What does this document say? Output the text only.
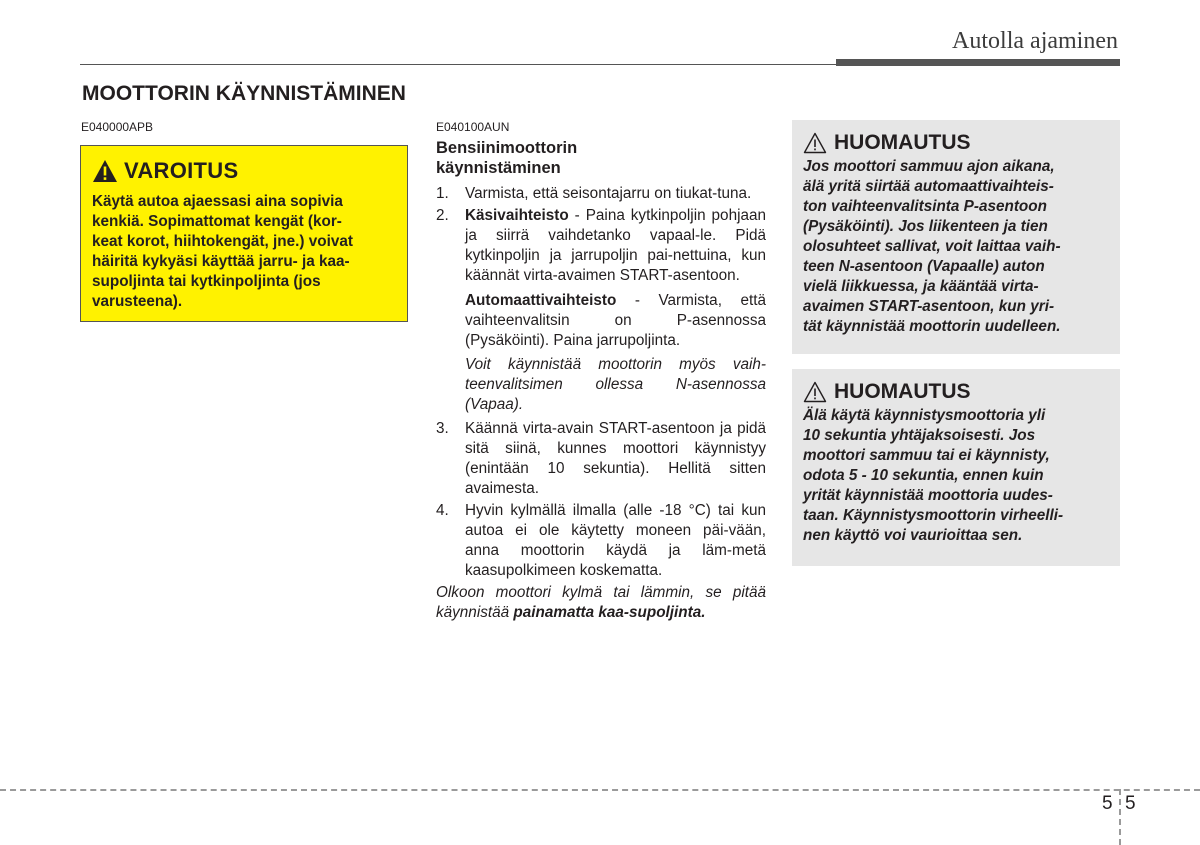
Autolla ajaminen
MOOTTORIN KÄYNNISTÄMINEN
E040000APB	E040100AUN
VAROITUS
Käytä autoa ajaessasi aina sopivia
kenkiä. Sopimattomat kengät (kor-
keat korot, hiihtokengät, jne.) voivat
häiritä kykyäsi käyttää jarru- ja kaa-
supoljinta tai kytkinpoljinta (jos
varusteena).
Bensiinimoottorin
käynnistäminen
1.	Varmista, että seisontajarru on tiukat-tuna.
2.	Käsivaihteisto - Paina kytkinpoljin pohjaan ja siirrä vaihdetanko vapaal-le. Pidä kytkinpoljin ja jarrupoljin pai-nettuina, kun käännät virta-avaimen START-asentoon.
Automaattivaihteisto - Varmista, että vaihteenvalitsin on P-asennossa (Pysäköinti). Paina jarrupoljinta.
Voit käynnistää moottorin myös vaih-teenvalitsimen ollessa N-asennossa (Vapaa).
3.	Käännä virta-avain START-asentoon ja pidä sitä siinä, kunnes moottori käynnistyy (enintään 10 sekuntia). Hellitä sitten avaimesta.
4.	Hyvin kylmällä ilmalla (alle -18 °C) tai kun autoa ei ole käytetty moneen päi-vään, anna moottorin käydä ja läm-metä kaasupolkimeen koskematta.
Olkoon moottori kylmä tai lämmin, se pitää käynnistää painamatta kaa-supoljinta.
HUOMAUTUS
Jos moottori sammuu ajon aikana,
älä yritä siirtää automaattivaihteis-
ton vaihteenvalitsinta P-asentoon
(Pysäköinti). Jos liikenteen ja tien
olosuhteet sallivat, voit laittaa vaih-
teen N-asentoon (Vapaalle) auton
vielä liikkuessa, ja kääntää virta-
avaimen START-asentoon, kun yri-
tät käynnistää moottorin uudelleen.
HUOMAUTUS
Älä käytä käynnistysmoottoria yli
10 sekuntia yhtäjaksoisesti. Jos
moottori sammuu tai ei käynnisty,
odota 5 - 10 sekuntia, ennen kuin
yrität käynnistää moottoria uudes-
taan. Käynnistysmoottorin virheelli-
nen käyttö voi vaurioittaa sen.
5 5
